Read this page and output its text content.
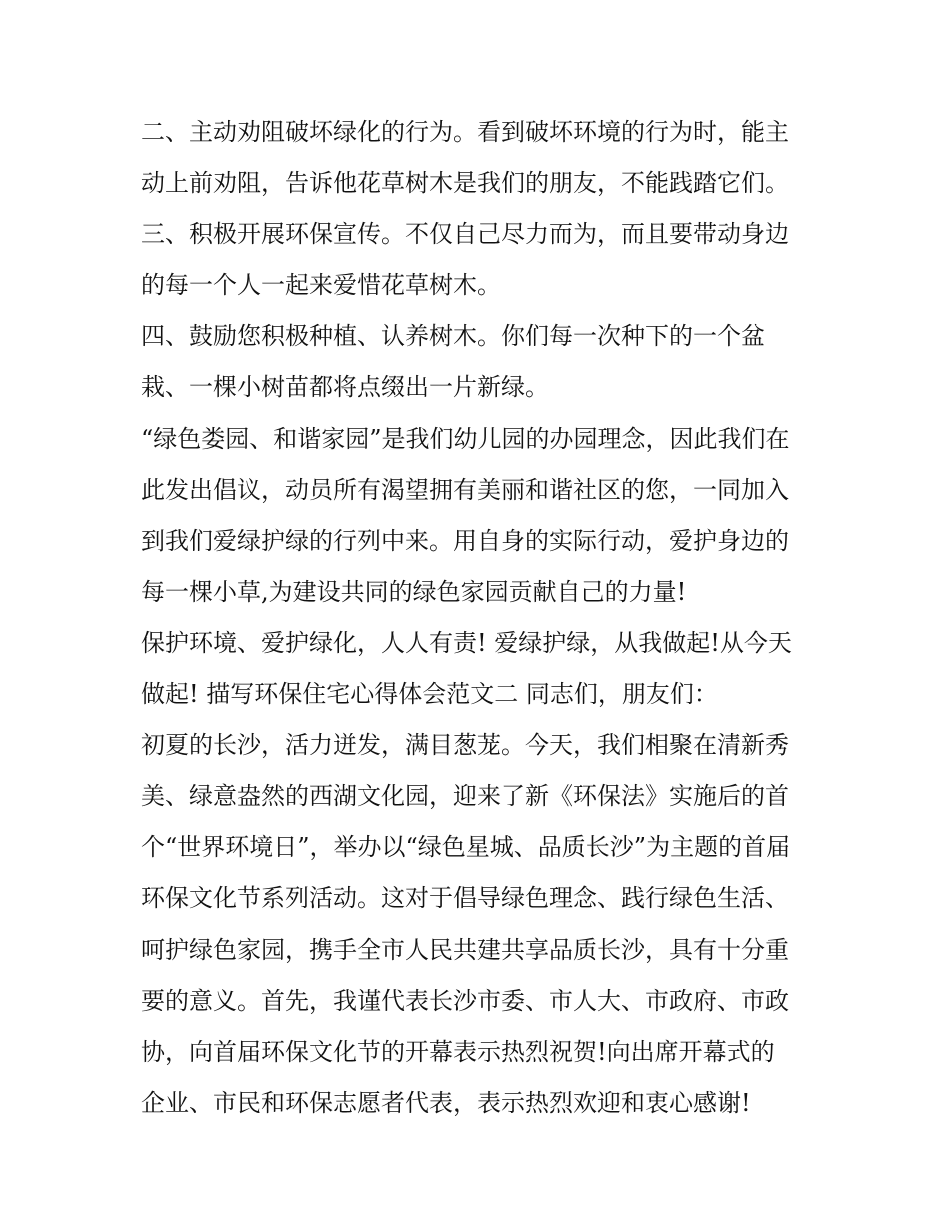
二、主动劝阻破坏绿化的行为。看到破坏环境的行为时，能主
动上前劝阻，告诉他花草树木是我们的朋友，不能践踏它们。
三、积极开展环保宣传。不仅自己尽力而为，而且要带动身边
的每一个人一起来爱惜花草树木。
四、鼓励您积极种植、认养树木。你们每一次种下的一个盆
栽、一棵小树苗都将点缀出一片新绿。
“绿色娄园、和谐家园”是我们幼儿园的办园理念，因此我们在
此发出倡议，动员所有渴望拥有美丽和谐社区的您，一同加入
到我们爱绿护绿的行列中来。用自身的实际行动，爱护身边的
每一棵小草,为建设共同的绿色家园贡献自己的力量!
保护环境、爱护绿化，人人有责! 爱绿护绿，从我做起!从今天
做起! 描写环保住宅心得体会范文二 同志们，朋友们：
初夏的长沙，活力迸发，满目葱茏。今天，我们相聚在清新秀
美、绿意盎然的西湖文化园，迎来了新《环保法》实施后的首
个“世界环境日”，举办以“绿色星城、品质长沙”为主题的首届
环保文化节系列活动。这对于倡导绿色理念、践行绿色生活、
呵护绿色家园，携手全市人民共建共享品质长沙，具有十分重
要的意义。首先，我谨代表长沙市委、市人大、市政府、市政
协，向首届环保文化节的开幕表示热烈祝贺!向出席开幕式的
企业、市民和环保志愿者代表，表示热烈欢迎和衷心感谢!
